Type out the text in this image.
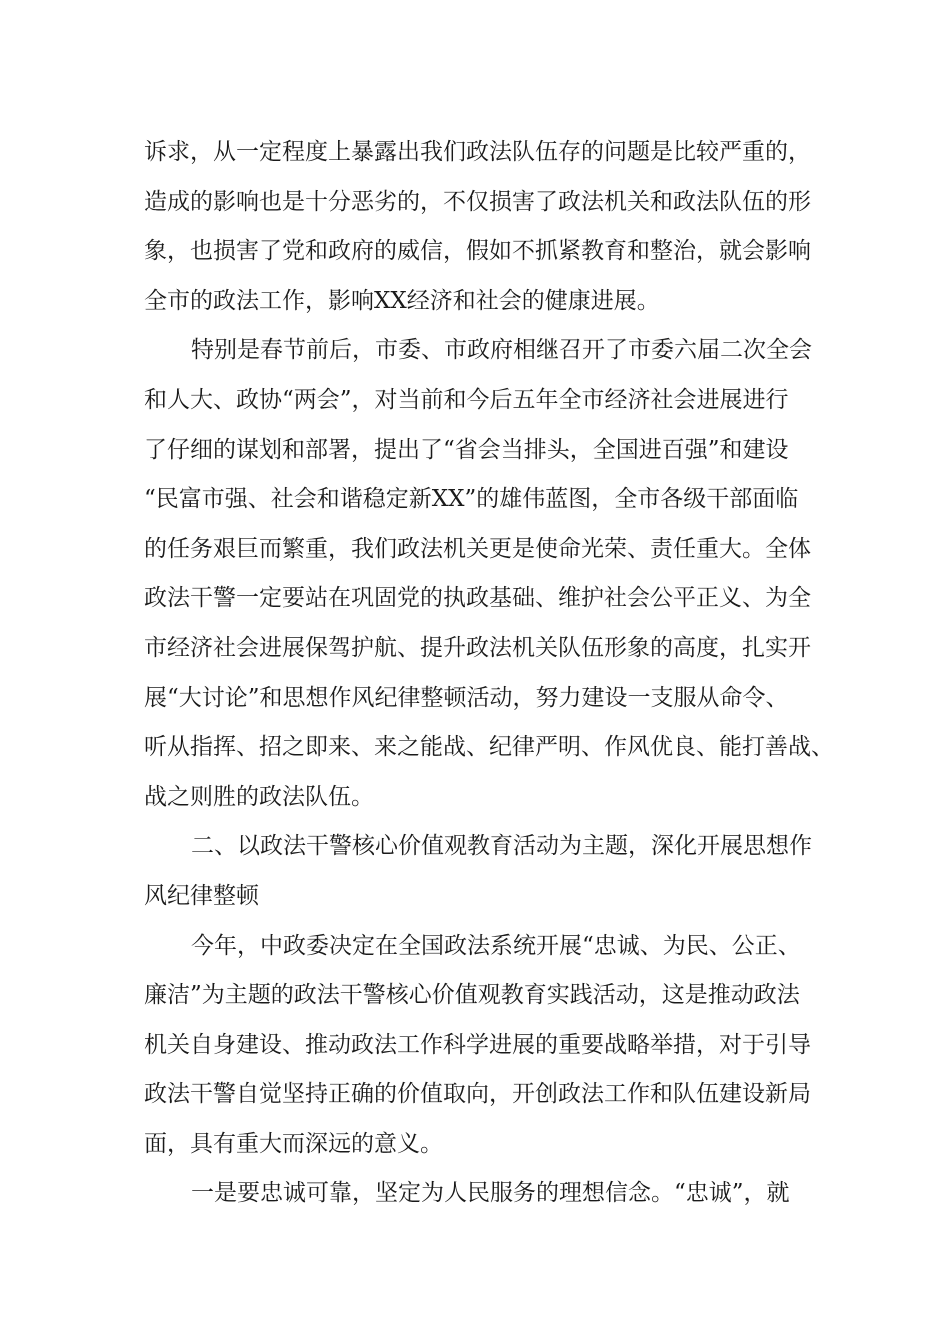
诉求，从一定程度上暴露出我们政法队伍存的问题是比较严重的，
造成的影响也是十分恶劣的，不仅损害了政法机关和政法队伍的形
象，也损害了党和政府的威信，假如不抓紧教育和整治，就会影响
全市的政法工作，影响XX经济和社会的健康进展。
特别是春节前后，市委、市政府相继召开了市委六届二次全会
和人大、政协“两会”，对当前和今后五年全市经济社会进展进行
了仔细的谋划和部署，提出了“省会当排头，全国进百强”和建设
“民富市强、社会和谐稳定新XX”的雄伟蓝图，全市各级干部面临
的任务艰巨而繁重，我们政法机关更是使命光荣、责任重大。全体
政法干警一定要站在巩固党的执政基础、维护社会公平正义、为全
市经济社会进展保驾护航、提升政法机关队伍形象的高度，扎实开
展“大讨论”和思想作风纪律整顿活动，努力建设一支服从命令、
听从指挥、招之即来、来之能战、纪律严明、作风优良、能打善战、
战之则胜的政法队伍。
二、以政法干警核心价值观教育活动为主题，深化开展思想作
风纪律整顿
今年，中政委决定在全国政法系统开展“忠诚、为民、公正、
廉洁”为主题的政法干警核心价值观教育实践活动，这是推动政法
机关自身建设、推动政法工作科学进展的重要战略举措，对于引导
政法干警自觉坚持正确的价值取向，开创政法工作和队伍建设新局
面，具有重大而深远的意义。
一是要忠诚可靠，坚定为人民服务的理想信念。“忠诚”，就
